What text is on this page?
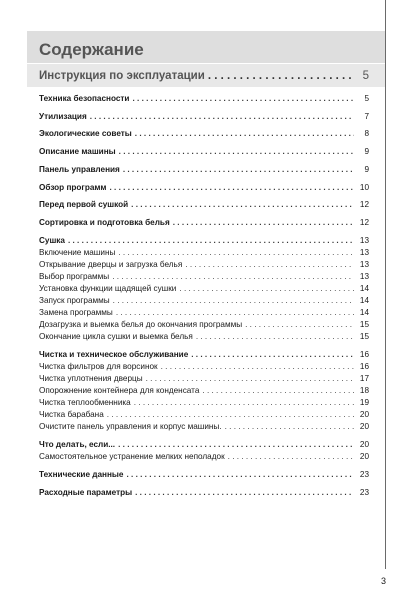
Содержание
Инструкция по эксплуатации . . .	5
Техника безопасности . . .	5
Утилизация . . .	7
Экологические советы . . .	8
Описание машины . . .	9
Панель управления . . .	9
Обзор программ . . .	10
Перед первой сушкой . . .	12
Сортировка и подготовка белья . . .	12
Сушка . . .	13
Включение машины . . .	13
Открывание дверцы и загрузка белья . . .	13
Выбор программы . . .	13
Установка функции щадящей сушки . . .	14
Запуск программы . . .	14
Замена программы . . .	14
Дозагрузка и выемка белья до окончания программы . . .	15
Окончание цикла сушки и выемка белья . . .	15
Чистка и техническое обслуживание . . .	16
Чистка фильтров для ворсинок . . .	16
Чистка уплотнения дверцы . . .	17
Опорожнение контейнера для конденсата . . .	18
Чистка теплообменника . . .	19
Чистка барабана . . .	20
Очистите панель управления и корпус машины. . . .	20
Что делать, если... . . .	20
Самостоятельное устранение мелких неполадок . . .	20
Технические данные . . .	23
Расходные параметры . . .	23
3
